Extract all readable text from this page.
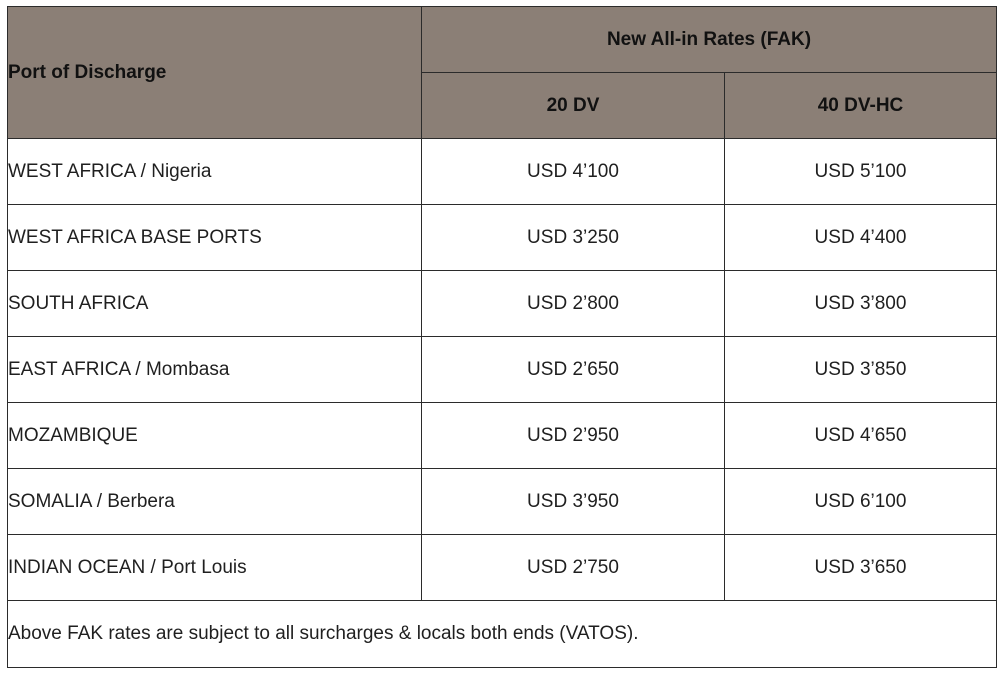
Port of Discharge	New All-in Rates (FAK)	
	20 DV	40 DV-HC
WEST AFRICA / Nigeria	USD 4’100	USD 5’100
WEST AFRICA BASE PORTS	USD 3’250	USD 4’400
SOUTH AFRICA	USD 2’800	USD 3’800
EAST AFRICA / Mombasa	USD 2’650	USD 3’850
MOZAMBIQUE	USD 2’950	USD 4’650
SOMALIA / Berbera	USD 3’950	USD 6’100
INDIAN OCEAN / Port Louis	USD 2’750	USD 3’650
Above FAK rates are subject to all surcharges & locals both ends (VATOS).		
